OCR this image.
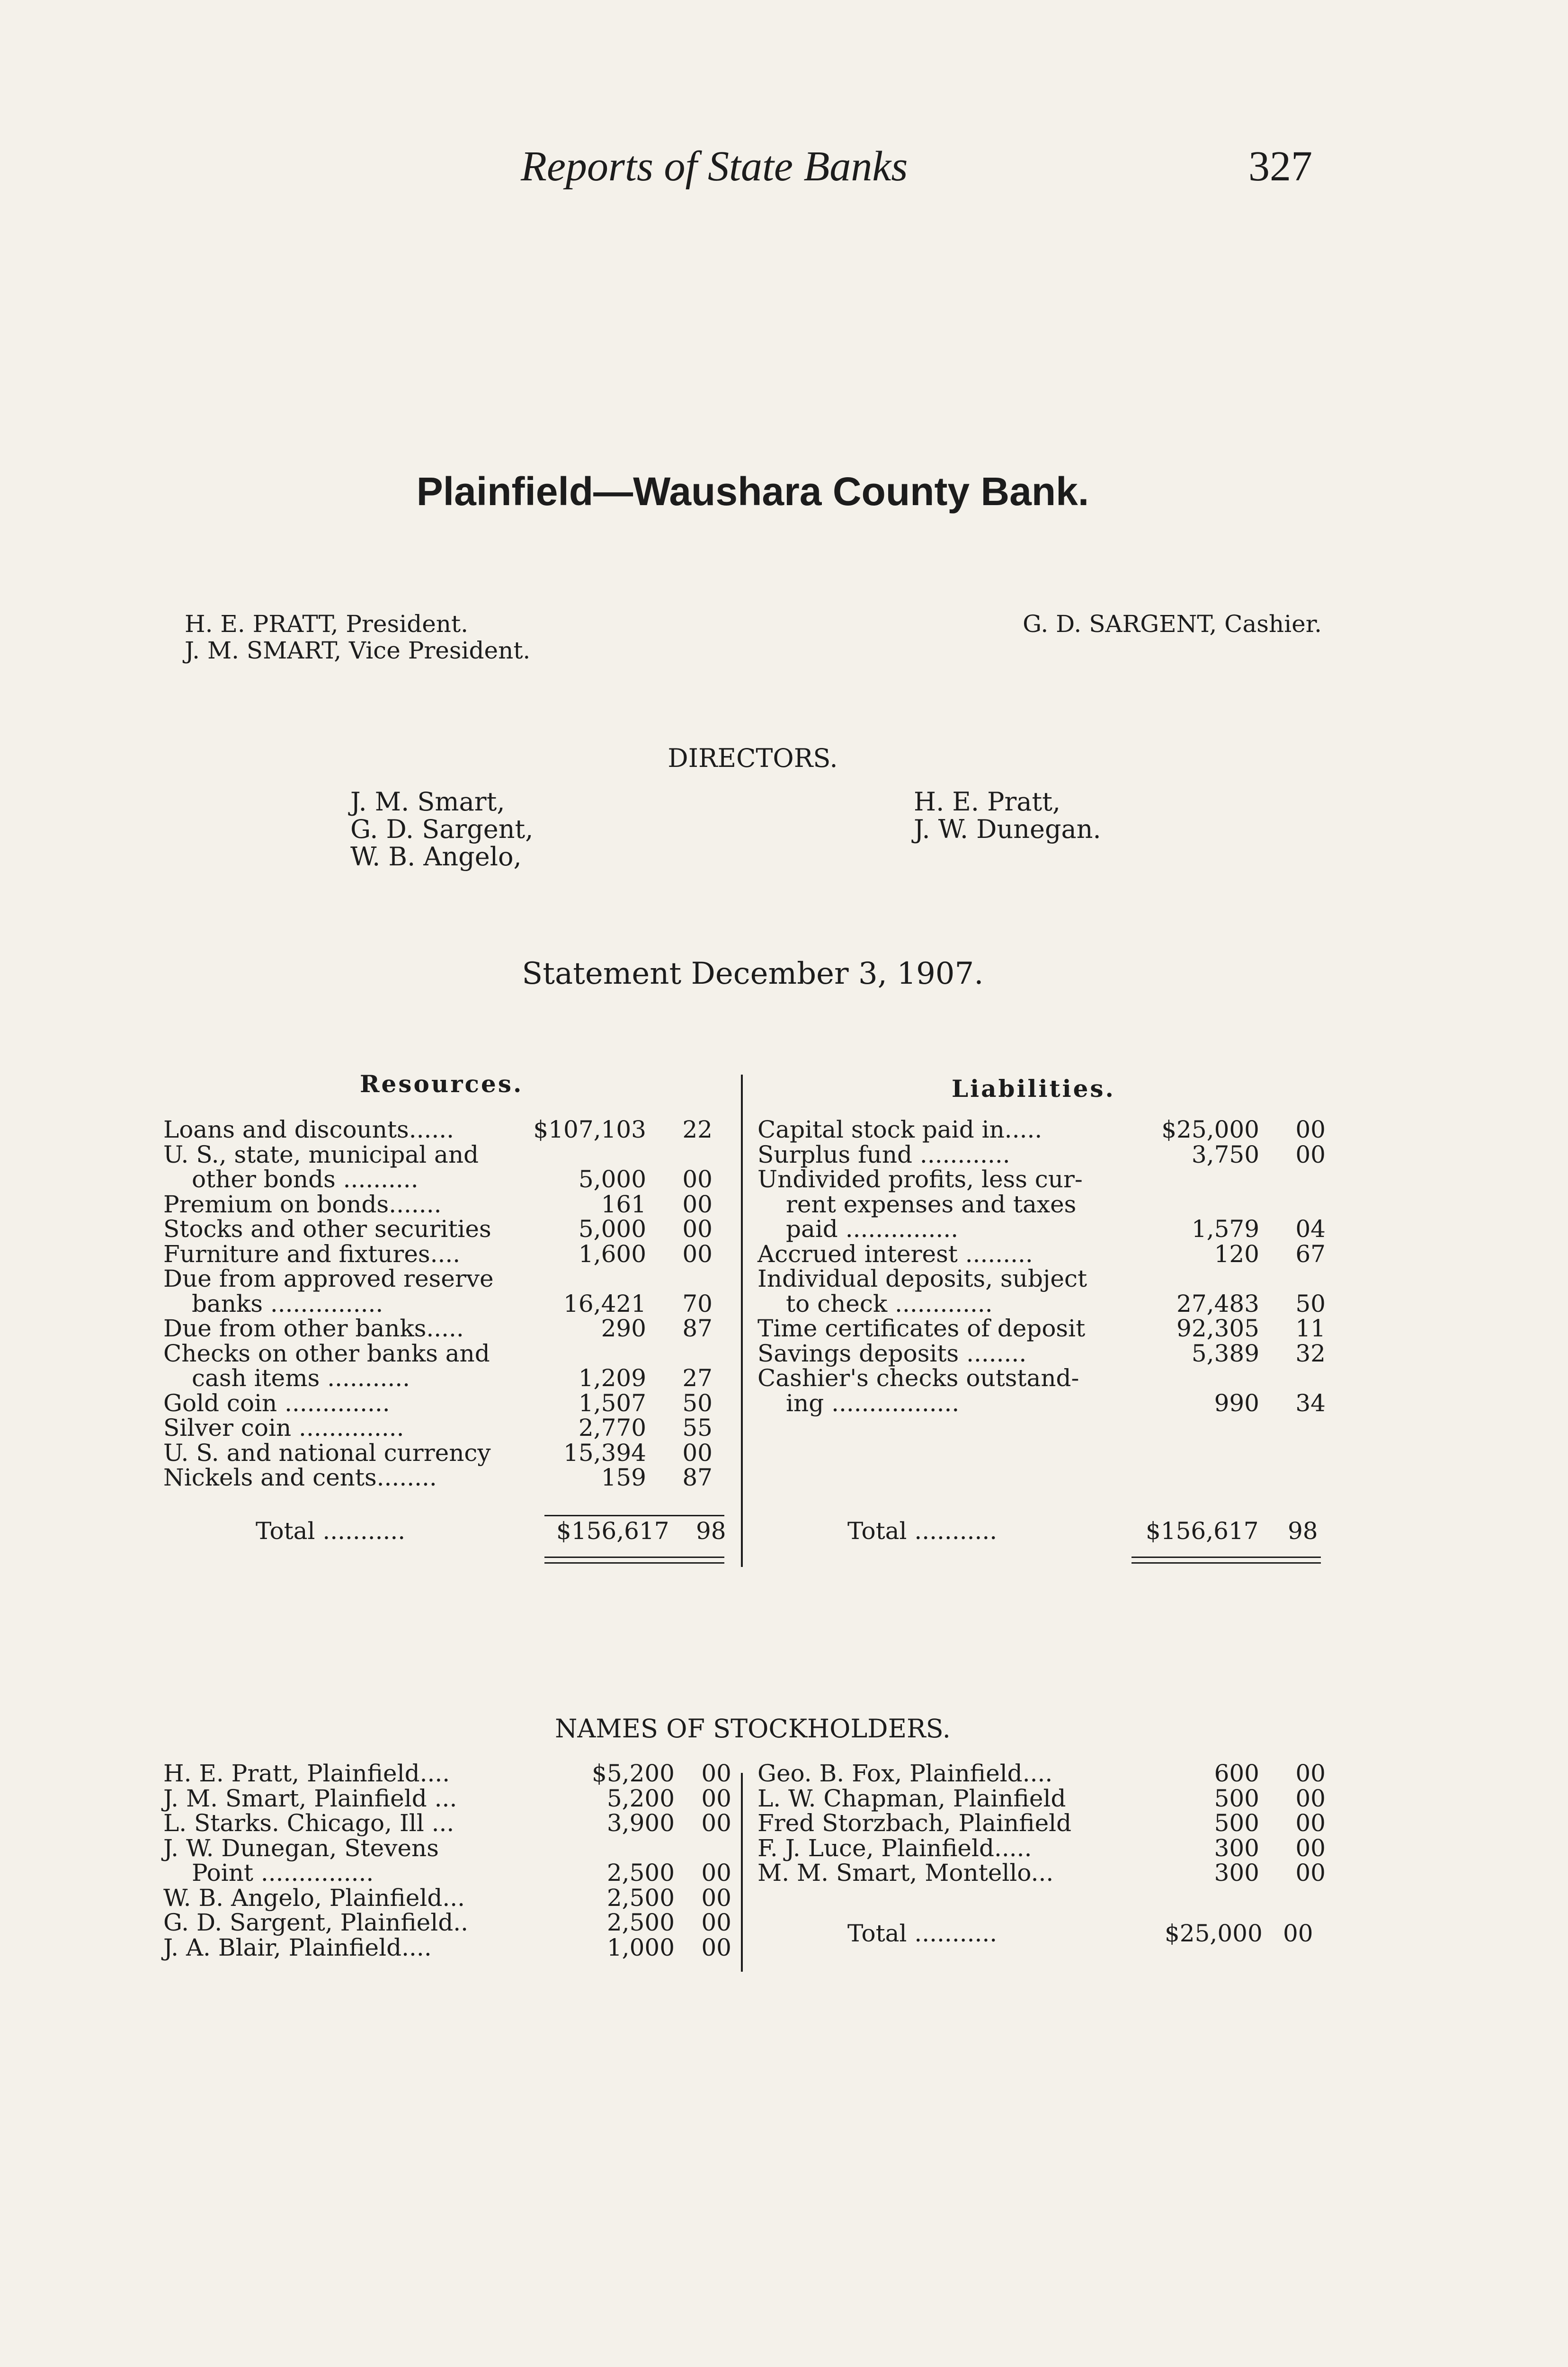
Reports of State Banks	327
Plainfield—Waushara County Bank.
H. E. PRATT, President.
J. M. SMART, Vice President.
G. D. SARGENT, Cashier.
DIRECTORS.
J. M. Smart,
G. D. Sargent,
W. B. Angelo,
H. E. Pratt,
J. W. Dunegan.
Statement December 3, 1907.
Resources.	Liabilities.
Loans and discounts......	$107,103	22
U. S., state, municipal and
other bonds ..........	5,000	00
Premium on bonds.......	161	00
Stocks and other securities	5,000	00
Furniture and fixtures....	1,600	00
Due from approved reserve
banks ...............	16,421	70
Due from other banks.....	290	87
Checks on other banks and
cash items ...........	1,209	27
Gold coin ..............	1,507	50
Silver coin ..............	2,770	55
U. S. and national currency	15,394	00
Nickels and cents........	159	87
Capital stock paid in.....	$25,000	00
Surplus fund ............	3,750	00
Undivided profits, less cur-
rent expenses and taxes
paid ...............	1,579	04
Accrued interest .........	120	67
Individual deposits, subject
to check .............	27,483	50
Time certificates of deposit	92,305	11
Savings deposits ........	5,389	32
Cashier's checks outstand-
ing .................	990	34
Total ...........	$156,617 98	Total ...........	$156,617 98
NAMES OF STOCKHOLDERS.
H. E. Pratt, Plainfield....	$5,200	00
J. M. Smart, Plainfield ...	5,200	00
L. Starks. Chicago, Ill ...	3,900	00
J. W. Dunegan, Stevens
Point ...............	2,500	00
W. B. Angelo, Plainfield...	2,500	00
G. D. Sargent, Plainfield..	2,500	00
J. A. Blair, Plainfield....	1,000	00
Geo. B. Fox, Plainfield....	600	00
L. W. Chapman, Plainfield	500	00
Fred Storzbach, Plainfield	500	00
F. J. Luce, Plainfield.....	300	00
M. M. Smart, Montello...	300	00
Total ...........	$25,000 00
